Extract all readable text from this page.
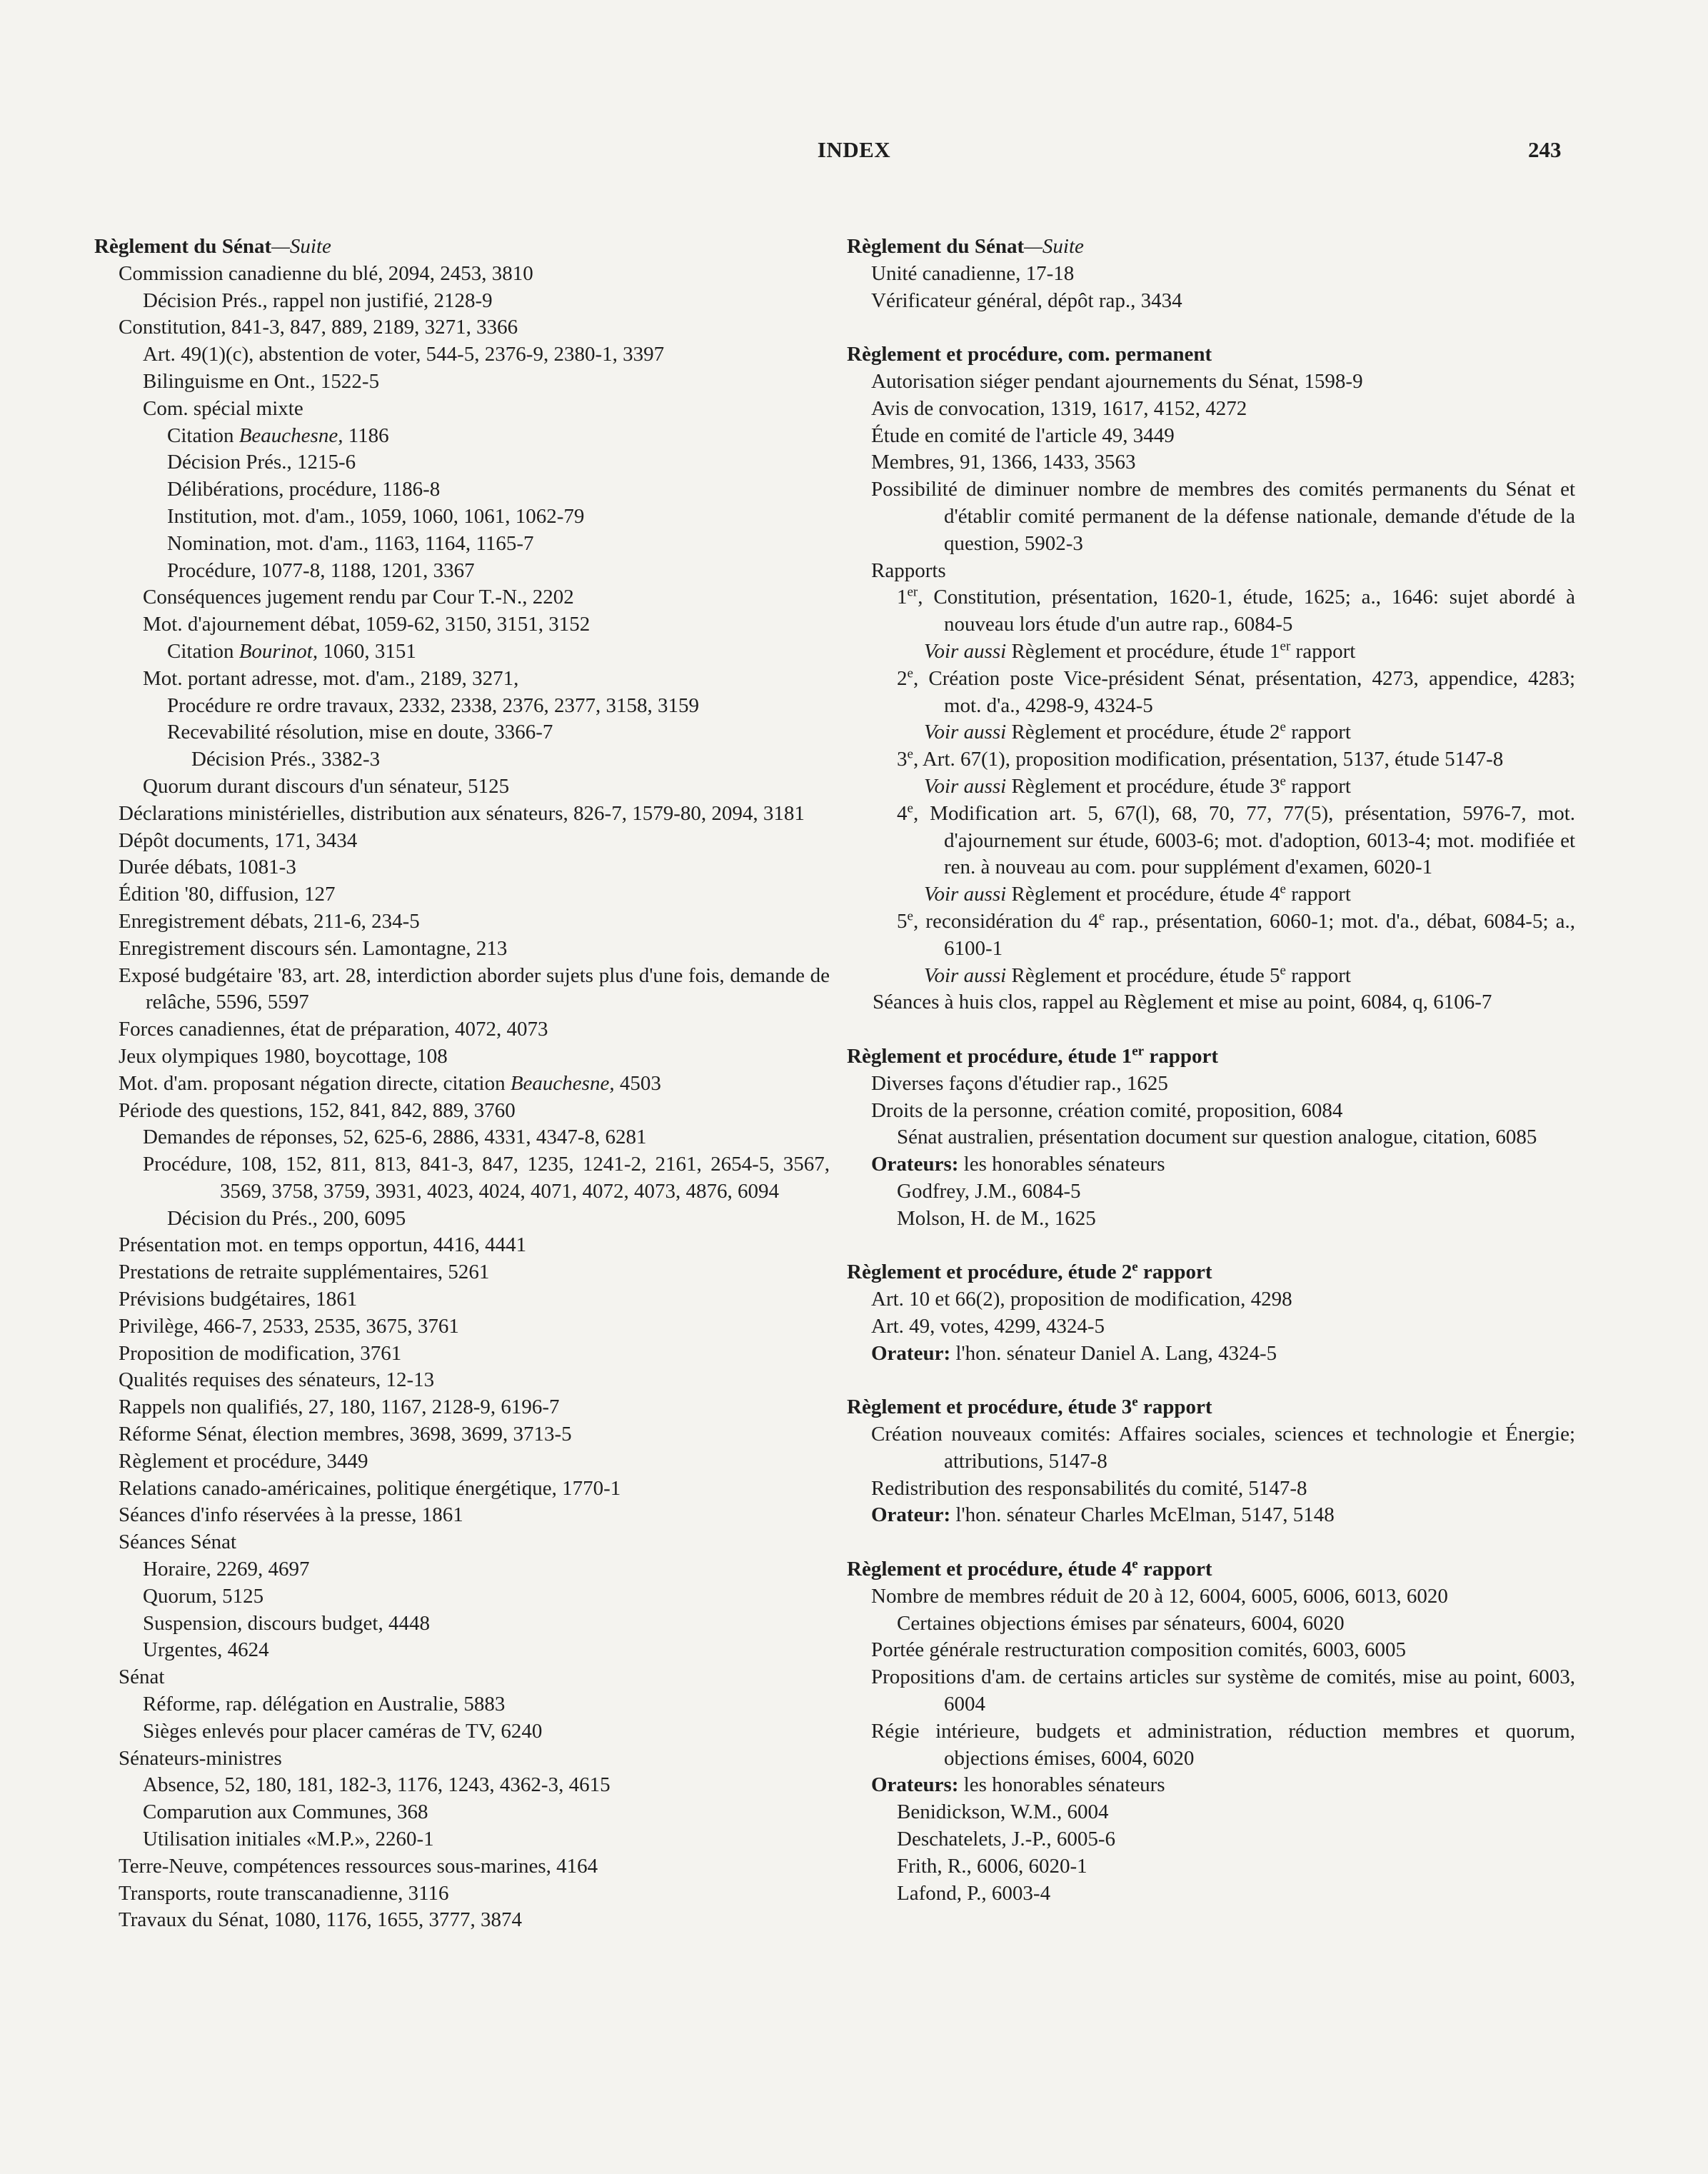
INDEX	243
Règlement du Sénat—Suite
Commission canadienne du blé, 2094, 2453, 3810
Décision Prés., rappel non justifié, 2128-9
Constitution, 841-3, 847, 889, 2189, 3271, 3366
Art. 49(1)(c), abstention de voter, 544-5, 2376-9, 2380-1, 3397
Bilinguisme en Ont., 1522-5
Com. spécial mixte
Citation Beauchesne, 1186
Décision Prés., 1215-6
Délibérations, procédure, 1186-8
Institution, mot. d'am., 1059, 1060, 1061, 1062-79
Nomination, mot. d'am., 1163, 1164, 1165-7
Procédure, 1077-8, 1188, 1201, 3367
Conséquences jugement rendu par Cour T.-N., 2202
Mot. d'ajournement débat, 1059-62, 3150, 3151, 3152
Citation Bourinot, 1060, 3151
Mot. portant adresse, mot. d'am., 2189, 3271,
Procédure re ordre travaux, 2332, 2338, 2376, 2377, 3158, 3159
Recevabilité résolution, mise en doute, 3366-7
Décision Prés., 3382-3
Quorum durant discours d'un sénateur, 5125
Déclarations ministérielles, distribution aux sénateurs, 826-7, 1579-80, 2094, 3181
Dépôt documents, 171, 3434
Durée débats, 1081-3
Édition '80, diffusion, 127
Enregistrement débats, 211-6, 234-5
Enregistrement discours sén. Lamontagne, 213
Exposé budgétaire '83, art. 28, interdiction aborder sujets plus d'une fois, demande de relâche, 5596, 5597
Forces canadiennes, état de préparation, 4072, 4073
Jeux olympiques 1980, boycottage, 108
Mot. d'am. proposant négation directe, citation Beauchesne, 4503
Période des questions, 152, 841, 842, 889, 3760
Demandes de réponses, 52, 625-6, 2886, 4331, 4347-8, 6281
Procédure, 108, 152, 811, 813, 841-3, 847, 1235, 1241-2, 2161, 2654-5, 3567, 3569, 3758, 3759, 3931, 4023, 4024, 4071, 4072, 4073, 4876, 6094
Décision du Prés., 200, 6095
Présentation mot. en temps opportun, 4416, 4441
Prestations de retraite supplémentaires, 5261
Prévisions budgétaires, 1861
Privilège, 466-7, 2533, 2535, 3675, 3761
Proposition de modification, 3761
Qualités requises des sénateurs, 12-13
Rappels non qualifiés, 27, 180, 1167, 2128-9, 6196-7
Réforme Sénat, élection membres, 3698, 3699, 3713-5
Règlement et procédure, 3449
Relations canado-américaines, politique énergétique, 1770-1
Séances d'info réservées à la presse, 1861
Séances Sénat
Horaire, 2269, 4697
Quorum, 5125
Suspension, discours budget, 4448
Urgentes, 4624
Sénat
Réforme, rap. délégation en Australie, 5883
Sièges enlevés pour placer caméras de TV, 6240
Sénateurs-ministres
Absence, 52, 180, 181, 182-3, 1176, 1243, 4362-3, 4615
Comparution aux Communes, 368
Utilisation initiales «M.P.», 2260-1
Terre-Neuve, compétences ressources sous-marines, 4164
Transports, route transcanadienne, 3116
Travaux du Sénat, 1080, 1176, 1655, 3777, 3874
Règlement du Sénat—Suite
Unité canadienne, 17-18
Vérificateur général, dépôt rap., 3434
Règlement et procédure, com. permanent
Autorisation siéger pendant ajournements du Sénat, 1598-9
Avis de convocation, 1319, 1617, 4152, 4272
Étude en comité de l'article 49, 3449
Membres, 91, 1366, 1433, 3563
Possibilité de diminuer nombre de membres des comités permanents du Sénat et d'établir comité permanent de la défense nationale, demande d'étude de la question, 5902-3
Rapports
1er, Constitution, présentation, 1620-1, étude, 1625; a., 1646: sujet abordé à nouveau lors étude d'un autre rap., 6084-5
Voir aussi Règlement et procédure, étude 1er rapport
2e, Création poste Vice-président Sénat, présentation, 4273, appendice, 4283; mot. d'a., 4298-9, 4324-5
Voir aussi Règlement et procédure, étude 2e rapport
3e, Art. 67(1), proposition modification, présentation, 5137, étude 5147-8
Voir aussi Règlement et procédure, étude 3e rapport
4e, Modification art. 5, 67(l), 68, 70, 77, 77(5), présentation, 5976-7, mot. d'ajournement sur étude, 6003-6; mot. d'adoption, 6013-4; mot. modifiée et ren. à nouveau au com. pour supplément d'examen, 6020-1
Voir aussi Règlement et procédure, étude 4e rapport
5e, reconsidération du 4e rap., présentation, 6060-1; mot. d'a., débat, 6084-5; a., 6100-1
Voir aussi Règlement et procédure, étude 5e rapport
Séances à huis clos, rappel au Règlement et mise au point, 6084, q, 6106-7
Règlement et procédure, étude 1er rapport
Diverses façons d'étudier rap., 1625
Droits de la personne, création comité, proposition, 6084
Sénat australien, présentation document sur question analogue, citation, 6085
Orateurs: les honorables sénateurs
Godfrey, J.M., 6084-5
Molson, H. de M., 1625
Règlement et procédure, étude 2e rapport
Art. 10 et 66(2), proposition de modification, 4298
Art. 49, votes, 4299, 4324-5
Orateur: l'hon. sénateur Daniel A. Lang, 4324-5
Règlement et procédure, étude 3e rapport
Création nouveaux comités: Affaires sociales, sciences et technologie et Énergie; attributions, 5147-8
Redistribution des responsabilités du comité, 5147-8
Orateur: l'hon. sénateur Charles McElman, 5147, 5148
Règlement et procédure, étude 4e rapport
Nombre de membres réduit de 20 à 12, 6004, 6005, 6006, 6013, 6020
Certaines objections émises par sénateurs, 6004, 6020
Portée générale restructuration composition comités, 6003, 6005
Propositions d'am. de certains articles sur système de comités, mise au point, 6003, 6004
Régie intérieure, budgets et administration, réduction membres et quorum, objections émises, 6004, 6020
Orateurs: les honorables sénateurs
Benidickson, W.M., 6004
Deschatelets, J.-P., 6005-6
Frith, R., 6006, 6020-1
Lafond, P., 6003-4
